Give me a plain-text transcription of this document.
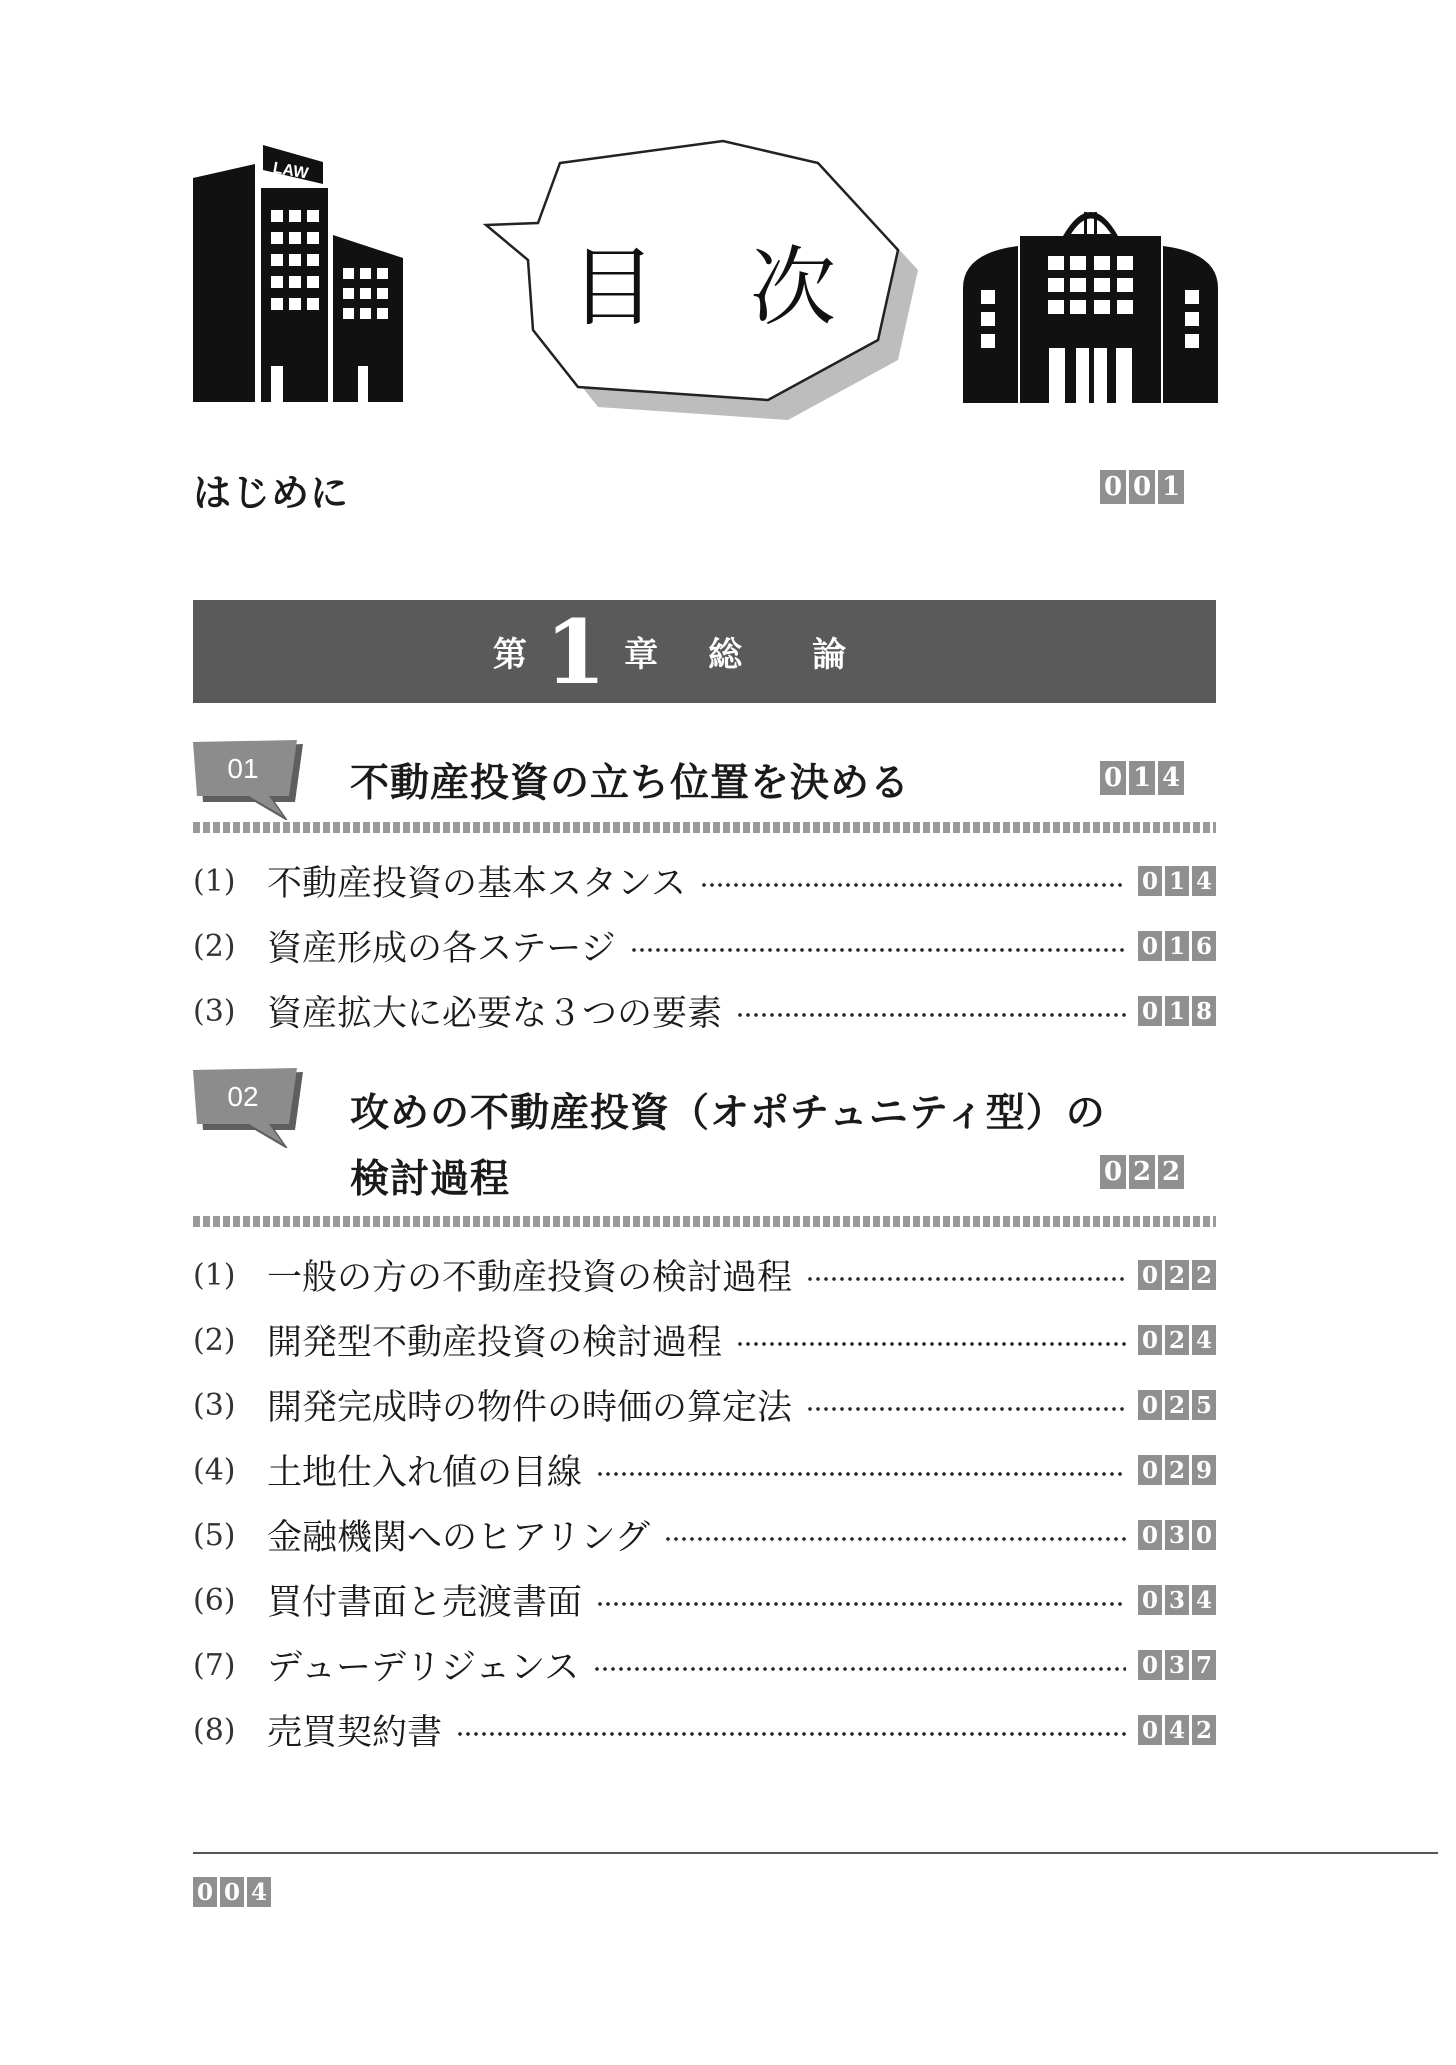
LAW
目　次
はじめに	0 0 1
第 1 章 総論
01 不動産投資の立ち位置を決める	0 1 4
(1) 不動産投資の基本スタンス	0 1 4
(2) 資産形成の各ステージ	0 1 6
(3) 資産拡大に必要な３つの要素	0 1 8
02 攻めの不動産投資（オポチュニティ型）の
検討過程	0 2 2
(1) 一般の方の不動産投資の検討過程	0 2 2
(2) 開発型不動産投資の検討過程	0 2 4
(3) 開発完成時の物件の時価の算定法	0 2 5
(4) 土地仕入れ値の目線	0 2 9
(5) 金融機関へのヒアリング	0 3 0
(6) 買付書面と売渡書面	0 3 4
(7) デューデリジェンス	0 3 7
(8) 売買契約書	0 4 2
0 0 4
